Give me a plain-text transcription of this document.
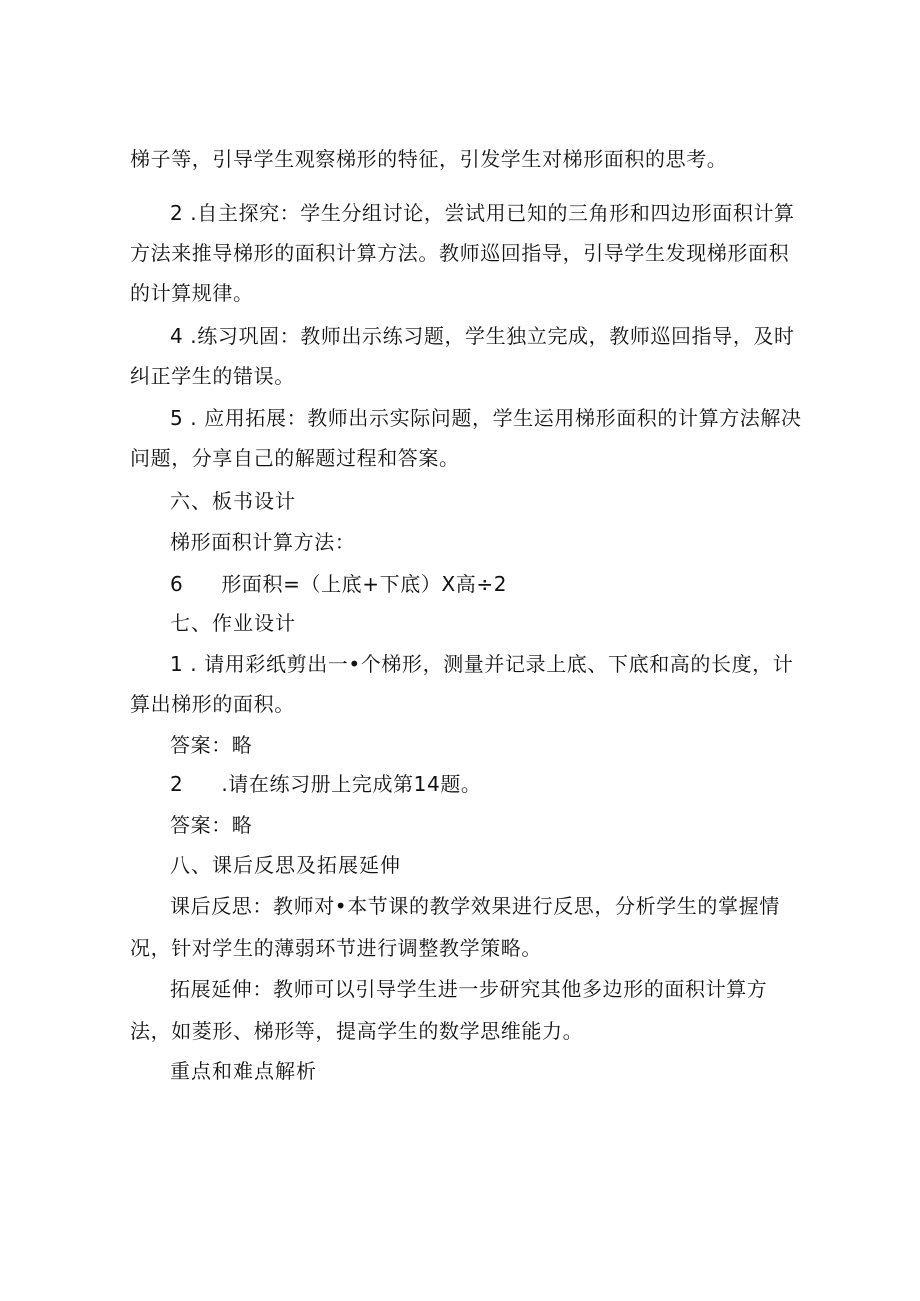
梯子等，引导学生观察梯形的特征，引发学生对梯形面积的思考。
2 .自主探究：学生分组讨论，尝试用已知的三角形和四边形面积计算
方法来推导梯形的面积计算方法。教师巡回指导，引导学生发现梯形面积
的计算规律。
4 .练习巩固：教师出示练习题，学生独立完成，教师巡回指导，及时
纠正学生的错误。
5 . 应用拓展：教师出示实际问题，学生运用梯形面积的计算方法解决
问题，分享自己的解题过程和答案。
六、板书设计
梯形面积计算方法：
6 形面积=（上底+下底）X高÷2
七、作业设计
1 . 请用彩纸剪出一•个梯形，测量并记录上底、下底和高的长度，计
算出梯形的面积。
答案：略
2 .请在练习册上完成第14题。
答案：略
八、课后反思及拓展延伸
课后反思：教师对•本节课的教学效果进行反思，分析学生的掌握情
况，针对学生的薄弱环节进行调整教学策略。
拓展延伸：教师可以引导学生进一步研究其他多边形的面积计算方
法，如菱形、梯形等，提高学生的数学思维能力。
重点和难点解析
